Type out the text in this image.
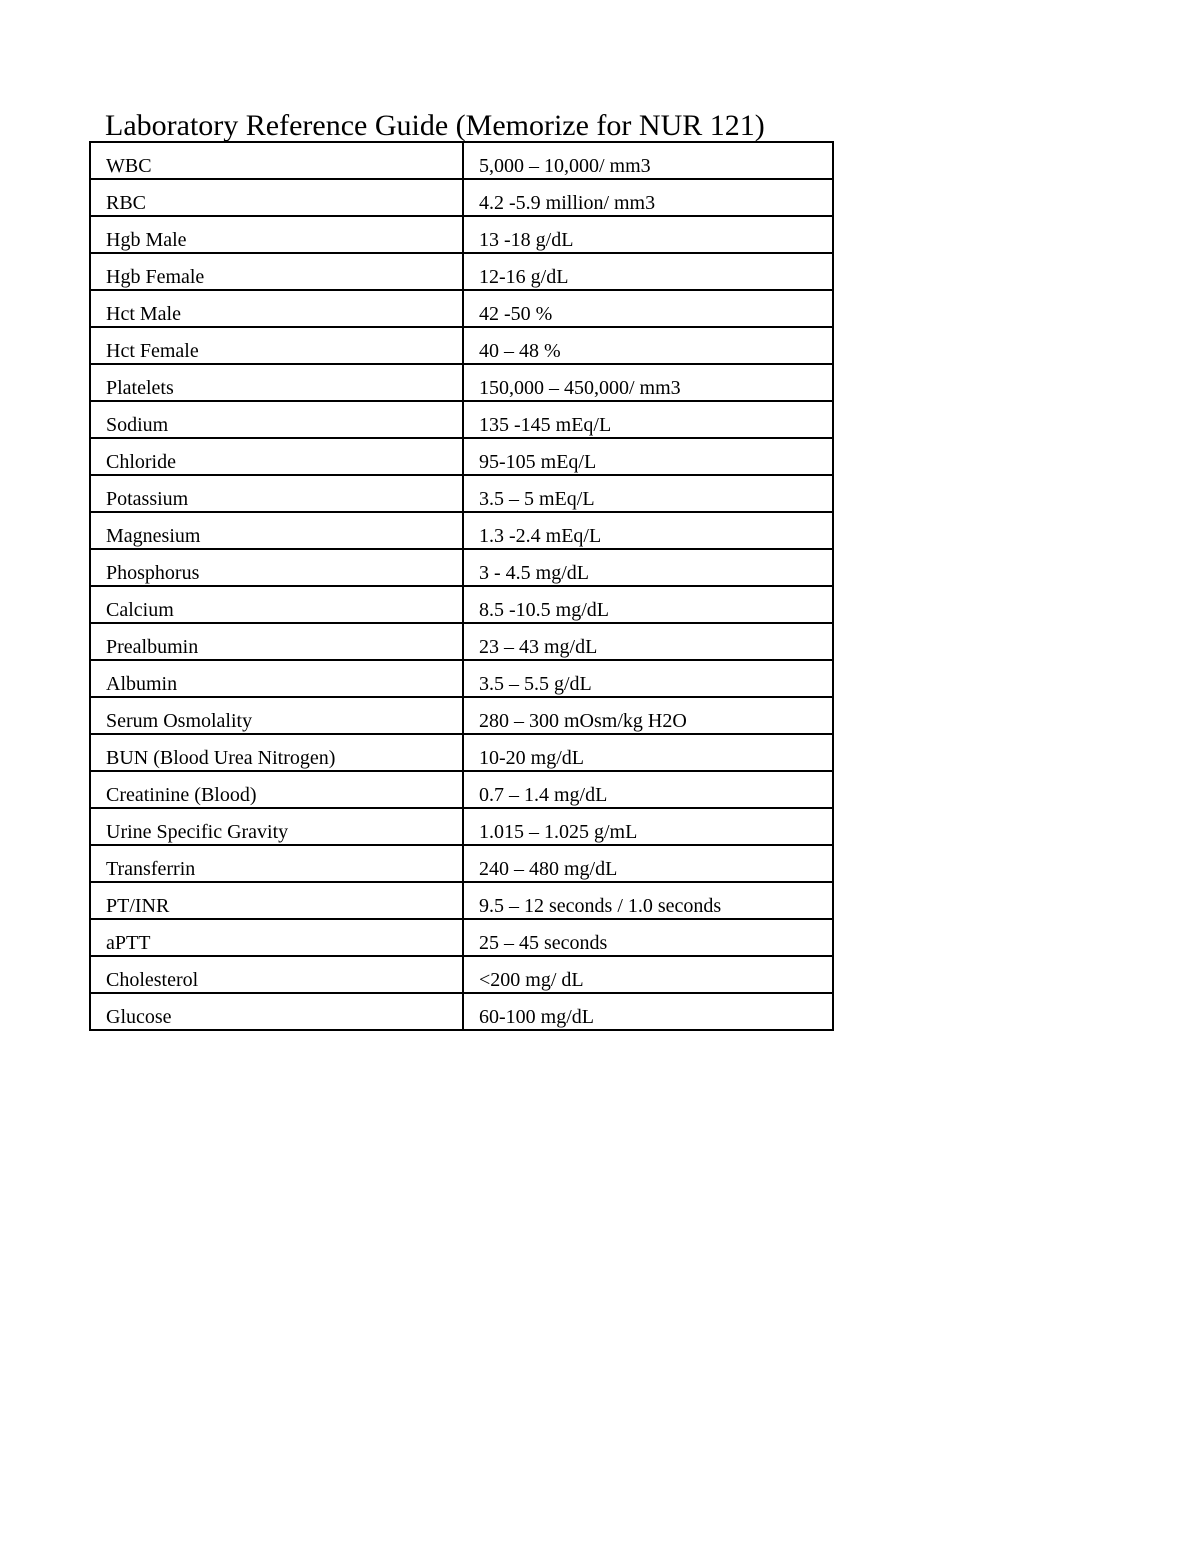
Laboratory Reference Guide (Memorize for NUR 121)
WBC	5,000 – 10,000/ mm3
RBC	4.2 -5.9 million/ mm3
Hgb Male	13 -18 g/dL
Hgb Female	12-16 g/dL
Hct Male	42 -50 %
Hct Female	40 – 48 %
Platelets	150,000 – 450,000/ mm3
Sodium	135 -145 mEq/L
Chloride	95-105 mEq/L
Potassium	3.5 – 5 mEq/L
Magnesium	1.3 -2.4 mEq/L
Phosphorus	3 - 4.5 mg/dL
Calcium	8.5 -10.5 mg/dL
Prealbumin	23 – 43 mg/dL
Albumin	3.5 – 5.5 g/dL
Serum Osmolality	280 – 300 mOsm/kg H2O
BUN (Blood Urea Nitrogen)	10-20 mg/dL
Creatinine (Blood)	0.7 – 1.4 mg/dL
Urine Specific Gravity	1.015 – 1.025 g/mL
Transferrin	240 – 480 mg/dL
PT/INR	9.5 – 12 seconds / 1.0 seconds
aPTT	25 – 45 seconds
Cholesterol	<200 mg/ dL
Glucose	60-100 mg/dL
